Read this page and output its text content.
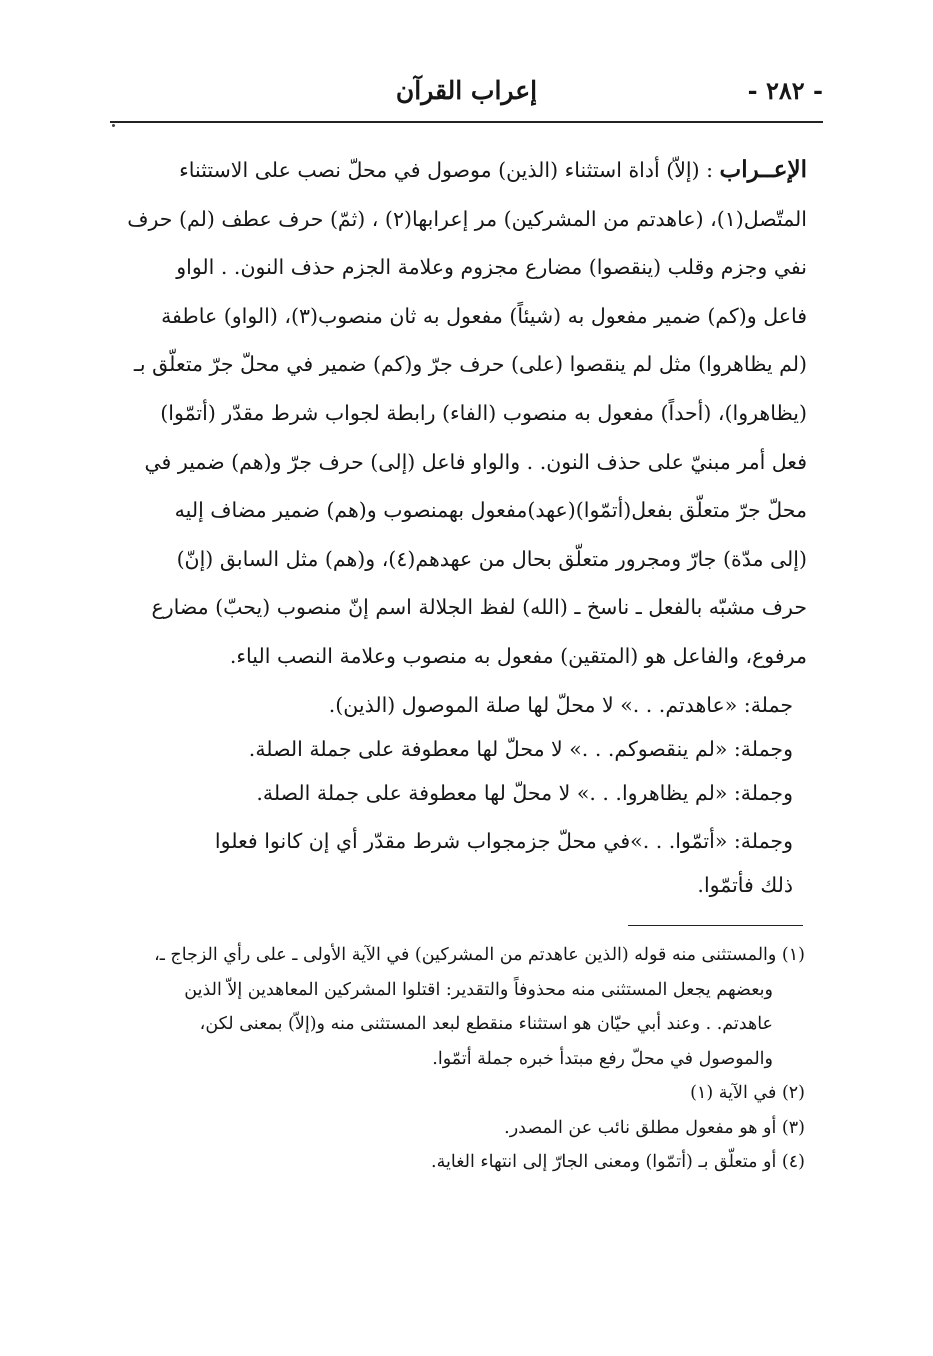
- ٢٨٢ -
إعراب القرآن
الإعــراب : (إلاّ) أداة استثناء (الذين) موصول في محلّ نصب على الاستثناء
المتّصل(١)، (عاهدتم من المشركين) مر إعرابها(٢) ، (ثمّ) حرف عطف (لم) حرف
نفي وجزم وقلب (ينقصوا) مضارع مجزوم وعلامة الجزم حذف النون. . الواو
فاعل و(كم) ضمير مفعول به (شيئاً) مفعول به ثان منصوب(٣)، (الواو) عاطفة
(لم يظاهروا) مثل لم ينقصوا (على) حرف جرّ و(كم) ضمير في محلّ جرّ متعلّق بـ
(يظاهروا)، (أحداً) مفعول به منصوب (الفاء) رابطة لجواب شرط مقدّر (أتمّوا)
فعل أمر مبنيّ على حذف النون. . والواو فاعل (إلى) حرف جرّ و(هم) ضمير في
محلّ جرّ متعلّق بفعل(أتمّوا)(عهد)مفعول بهمنصوب و(هم) ضمير مضاف إليه
(إلى مدّة) جارّ ومجرور متعلّق بحال من عهدهم(٤)، و(هم) مثل السابق (إنّ)
حرف مشبّه بالفعل ـ ناسخ ـ (الله) لفظ الجلالة اسم إنّ منصوب (يحبّ) مضارع
مرفوع، والفاعل هو (المتقين) مفعول به منصوب وعلامة النصب الياء.
جملة: «عاهدتم. . .» لا محلّ لها صلة الموصول (الذين).
وجملة: «لم ينقصوكم. . .» لا محلّ لها معطوفة على جملة الصلة.
وجملة: «لم يظاهروا. . .» لا محلّ لها معطوفة على جملة الصلة.
وجملة: «أتمّوا. . .»في محلّ جزمجواب شرط مقدّر أي إن كانوا فعلوا
ذلك فأتمّوا.
(١) والمستثنى منه قوله (الذين عاهدتم من المشركين) في الآية الأولى ـ على رأي الزجاج ـ،
وبعضهم يجعل المستثنى منه محذوفاً والتقدير: اقتلوا المشركين المعاهدين إلاّ الذين
عاهدتم. . وعند أبي حيّان هو استثناء منقطع لبعد المستثنى منه و(إلاّ) بمعنى لكن،
والموصول في محلّ رفع مبتدأ خبره جملة أتمّوا.
(٢) في الآية (١)
(٣) أو هو مفعول مطلق نائب عن المصدر.
(٤) أو متعلّق بـ (أتمّوا) ومعنى الجارّ إلى انتهاء الغاية.
